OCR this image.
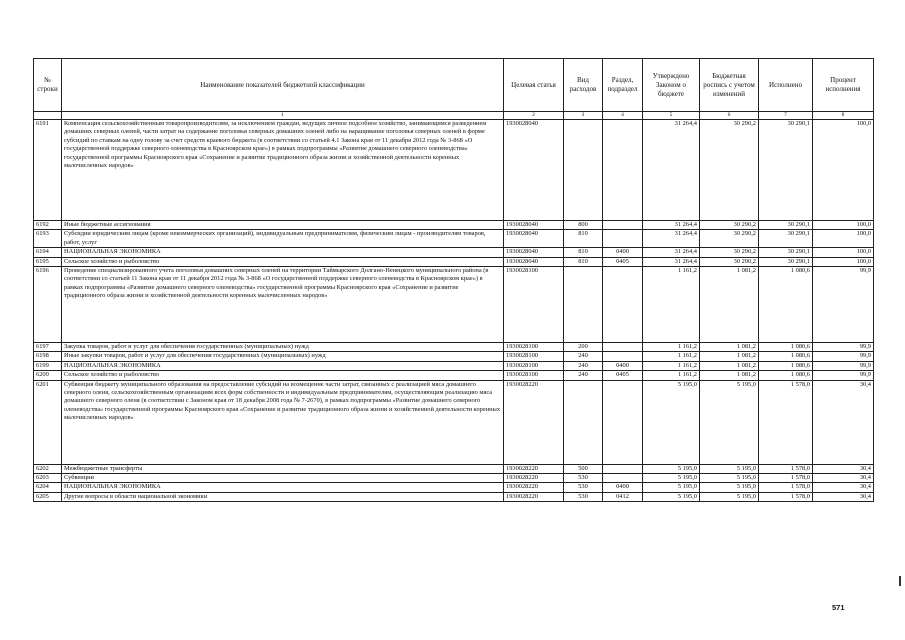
№ строки	Наименование показателей бюджетной классификации	Целевая статья	Вид расходов	Раздел, подраздел	Утверждено Законом о бюджете	Бюджетная роспись с учетом изменений	Исполнено	Процент исполнения
	1	2	3	4	5	6	7	8
6191	Компенсация сельскохозяйственным товаропроизводителям, за исключением граждан, ведущих личное подсобное хозяйство, занимающимся разведением домашних северных оленей, части затрат на содержание поголовья северных домашних оленей либо на наращивание поголовья северных оленей в форме субсидий по ставкам на одну голову за счет средств краевого бюджета (в соответствии со статьей 4.1 Закона края от 11 декабря 2012 года № 3-868 «О государственной поддержке северного оленеводства в Красноярском крае») в рамках подпрограммы «Развитие домашнего северного оленеводства» государственной программы Красноярского края «Сохранение и развитие традиционного образа жизни и хозяйственной деятельности коренных малочисленных народов»	1930028040			31 264,4	30 290,2	30 290,1	100,0
6192	Иные бюджетные ассигнования	1930028040	800		31 264,4	30 290,2	30 290,1	100,0
6193	Субсидии юридическим лицам (кроме некоммерческих организаций), индивидуальным предпринимателям, физическим лицам - производителям товаров, работ, услуг	1930028040	810		31 264,4	30 290,2	30 290,1	100,0
6194	НАЦИОНАЛЬНАЯ ЭКОНОМИКА	1930028040	810	0400	31 264,4	30 290,2	30 290,1	100,0
6195	Сельское хозяйство и рыболовство	1930028040	810	0405	31 264,4	30 290,2	30 290,1	100,0
6196	Проведение специализированного учета поголовья домашних северных оленей на территории Таймырского Долгано-Ненецкого муниципального района (в соответствии со статьей 11 Закона края от 11 декабря 2012 года № 3-868 «О государственной поддержке северного оленеводства в Красноярском крае») в рамках подпрограммы «Развитие домашнего северного оленеводства» государственной программы Красноярского края «Сохранение и развитие традиционного образа жизни и хозяйственной деятельности коренных малочисленных народов»	1930028100			1 161,2	1 081,2	1 080,6	99,9
6197	Закупка товаров, работ и услуг для обеспечения государственных (муниципальных) нужд	1930028100	200		1 161,2	1 081,2	1 080,6	99,9
6198	Иные закупки товаров, работ и услуг для обеспечения государственных (муниципальных) нужд	1930028100	240		1 161,2	1 081,2	1 080,6	99,9
6199	НАЦИОНАЛЬНАЯ ЭКОНОМИКА	1930028100	240	0400	1 161,2	1 081,2	1 080,6	99,9
6200	Сельское хозяйство и рыболовство	1930028100	240	0405	1 161,2	1 081,2	1 080,6	99,9
6201	Субвенция бюджету муниципального образования на предоставление субсидий на возмещение части затрат, связанных с реализацией мяса домашнего северного оленя, сельскохозяйственным организациям всех форм собственности и индивидуальным предпринимателям, осуществляющим реализацию мяса домашнего северного оленя (в соответствии с Законом края от 18 декабря 2008 года № 7-2670), в рамках подпрограммы «Развитие домашнего северного оленеводства» государственной программы Красноярского края «Сохранение и развитие традиционного образа жизни и хозяйственной деятельности коренных малочисленных народов»	1930028220			5 195,0	5 195,0	1 578,0	30,4
6202	Межбюджетные трансферты	1930028220	500		5 195,0	5 195,0	1 578,0	30,4
6203	Субвенции	1930028220	530		5 195,0	5 195,0	1 578,0	30,4
6204	НАЦИОНАЛЬНАЯ ЭКОНОМИКА	1930028220	530	0400	5 195,0	5 195,0	1 578,0	30,4
6205	Другие вопросы в области национальной экономики	1930028220	530	0412	5 195,0	5 195,0	1 578,0	30,4
571
